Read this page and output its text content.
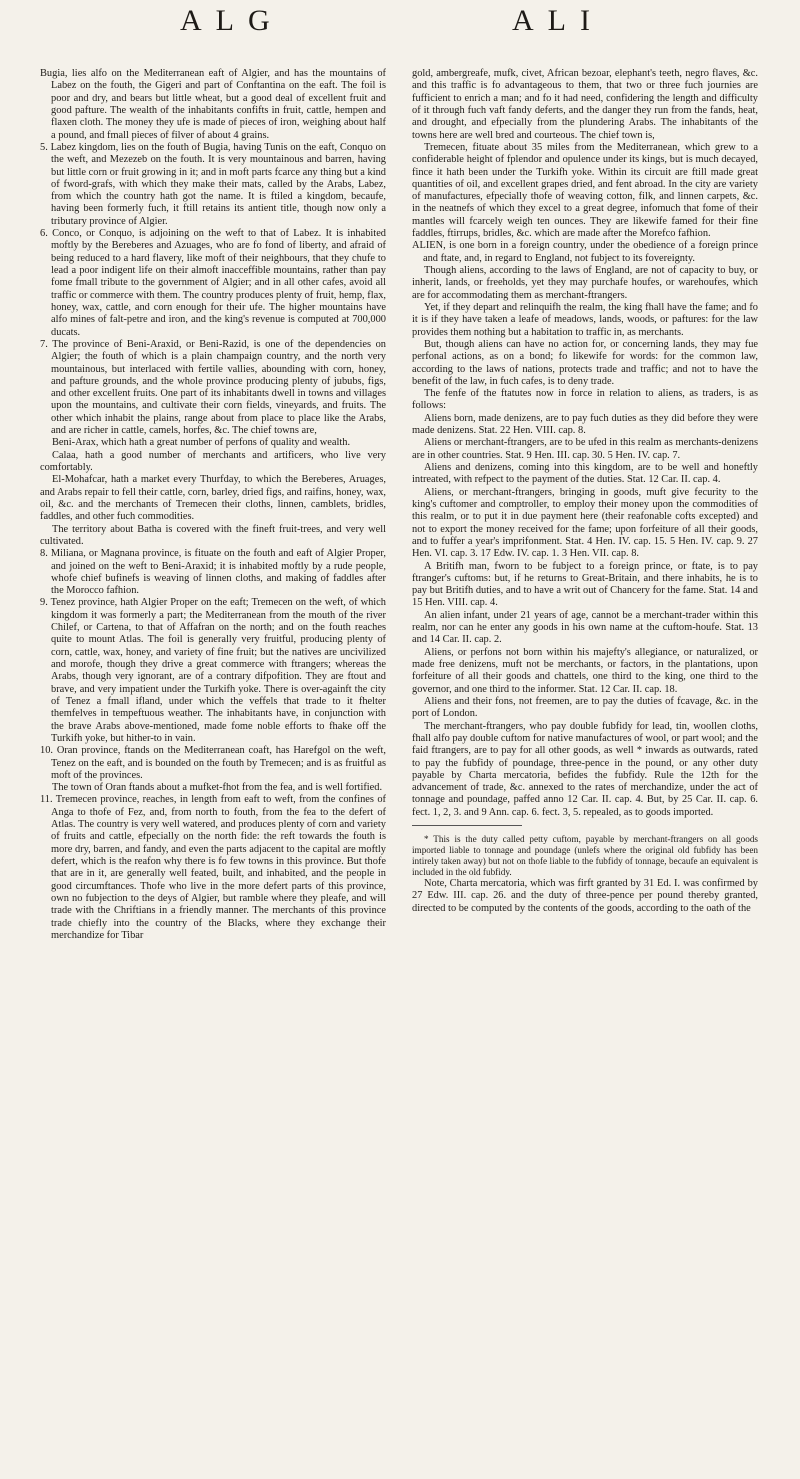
ALG	ALI

Bugia, lies alfo on the Mediterranean eaft of Algier, and has the mountains of Labez on the fouth, the Gigeri and part of Conftantina on the eaft. The foil is poor and dry, and bears but little wheat, but a good deal of excellent fruit and good pafture. The wealth of the inhabitants confifts in fruit, cattle, hempen and flaxen cloth. The money they ufe is made of pieces of iron, weighing about half a pound, and fmall pieces of filver of about 4 grains.

5. Labez kingdom, lies on the fouth of Bugia, having Tunis on the eaft, Conquo on the weft, and Mezezeb on the fouth. It is very mountainous and barren, having but little corn or fruit growing in it; and in moft parts fcarce any thing but a kind of fword-grafs, with which they make their mats, called by the Arabs, Labez, from which the country hath got the name. It is ftiled a kingdom, becaufe, having been formerly fuch, it ftill retains its antient title, though now only a tributary province of Algier.

6. Conco, or Conquo, is adjoining on the weft to that of Labez. It is inhabited moftly by the Bereberes and Azuages, who are fo fond of liberty, and afraid of being reduced to a hard flavery, like moft of their neighbours, that they chufe to lead a poor indigent life on their almoft inacceffible mountains, rather than pay fome fmall tribute to the government of Algier; and in all other cafes, avoid all traffic or commerce with them. The country produces plenty of fruit, hemp, flax, honey, wax, cattle, and corn enough for their ufe. The higher mountains have alfo mines of falt-petre and iron, and the king's revenue is computed at 700,000 ducats.

7. The province of Beni-Araxid, or Beni-Razid, is one of the dependencies on Algier; the fouth of which is a plain champaign country, and the north very mountainous, but interlaced with fertile vallies, abounding with corn, honey, and pafture grounds, and the whole province producing plenty of jububs, figs, and other excellent fruits. One part of its inhabitants dwell in towns and villages upon the mountains, and cultivate their corn fields, vineyards, and fruits. The other which inhabit the plains, range about from place to place like the Arabs, and are richer in cattle, camels, horfes, &c. The chief towns are,

Beni-Arax, which hath a great number of perfons of quality and wealth.

Calaa, hath a good number of merchants and artificers, who live very comfortably.

El-Mohafcar, hath a market every Thurfday, to which the Bereberes, Aruages, and Arabs repair to fell their cattle, corn, barley, dried figs, and raifins, honey, wax, oil, &c. and the merchants of Tremecen their cloths, linnen, camblets, bridles, faddles, and other fuch commodities.

The territory about Batha is covered with the fineft fruit-trees, and very well cultivated.

8. Miliana, or Magnana province, is fituate on the fouth and eaft of Algier Proper, and joined on the weft to Beni-Araxid; it is inhabited moftly by a rude people, whofe chief bufinefs is weaving of linnen cloths, and making of faddles after the Morocco fafhion.

9. Tenez province, hath Algier Proper on the eaft; Tremecen on the weft, of which kingdom it was formerly a part; the Mediterranean from the mouth of the river Chilef, or Cartena, to that of Affafran on the north; and on the fouth reaches quite to mount Atlas. The foil is generally very fruitful, producing plenty of corn, cattle, wax, honey, and variety of fine fruit; but the natives are uncivilized and morofe, though they drive a great commerce with ftrangers; whereas the Arabs, though very ignorant, are of a contrary difpofition. They are ftout and brave, and very impatient under the Turkifh yoke. There is over-againft the city of Tenez a fmall ifland, under which the veffels that trade to it fhelter themfelves in tempeftuous weather. The inhabitants have, in conjunction with the brave Arabs above-mentioned, made fome noble efforts to fhake off the Turkifh yoke, but hither-to in vain.

10. Oran province, ftands on the Mediterranean coaft, has Harefgol on the weft, Tenez on the eaft, and is bounded on the fouth by Tremecen; and is as fruitful as moft of the provinces.

The town of Oran ftands about a mufket-fhot from the fea, and is well fortified.

11. Tremecen province, reaches, in length from eaft to weft, from the confines of Anga to thofe of Fez, and, from north to fouth, from the fea to the defert of Atlas. The country is very well watered, and produces plenty of corn and variety of fruits and cattle, efpecially on the north fide: the reft towards the fouth is more dry, barren, and fandy, and even the parts adjacent to the capital are moftly defert, which is the reafon why there is fo few towns in this province. But thofe that are in it, are generally well feated, built, and inhabited, and the people in good circumftances. Thofe who live in the more defert parts of this province, own no fubjection to the deys of Algier, but ramble where they pleafe, and will trade with the Chriftians in a friendly manner. The merchants of this province trade chiefly into the country of the Blacks, where they exchange their merchandize for Tibar

gold, ambergreafe, mufk, civet, African bezoar, elephant's teeth, negro flaves, &c. and this traffic is fo advantageous to them, that two or three fuch journies are fufficient to enrich a man; and fo it had need, confidering the length and difficulty of it through fuch vaft fandy deferts, and the danger they run from the fands, heat, and drought, and efpecially from the plundering Arabs. The inhabitants of the towns here are well bred and courteous. The chief town is,

Tremecen, fituate about 35 miles from the Mediterranean, which grew to a confiderable height of fplendor and opulence under its kings, but is much decayed, fince it hath been under the Turkifh yoke. Within its circuit are ftill made great quantities of oil, and excellent grapes dried, and fent abroad. In the city are variety of manufactures, efpecially thofe of weaving cotton, filk, and linnen carpets, &c. in the neatnefs of which they excel to a great degree, infomuch that fome of their mantles will fcarcely weigh ten ounces. They are likewife famed for their fine faddles, ftirrups, bridles, &c. which are made after the Morefco fafhion.

ALIEN, is one born in a foreign country, under the obedience of a foreign prince and ftate, and, in regard to England, not fubject to its fovereignty.

Though aliens, according to the laws of England, are not of capacity to buy, or inherit, lands, or freeholds, yet they may purchafe houfes, or warehoufes, which are for accommodating them as merchant-ftrangers.

Yet, if they depart and relinquifh the realm, the king fhall have the fame; and fo it is if they have taken a leafe of meadows, lands, woods, or paftures: for the law provides them nothing but a habitation to traffic in, as merchants.

But, though aliens can have no action for, or concerning lands, they may fue perfonal actions, as on a bond; fo likewife for words: for the common law, according to the laws of nations, protects trade and traffic; and not to have the benefit of the law, in fuch cafes, is to deny trade.

The fenfe of the ftatutes now in force in relation to aliens, as traders, is as follows:

Aliens born, made denizens, are to pay fuch duties as they did before they were made denizens. Stat. 22 Hen. VIII. cap. 8.

Aliens or merchant-ftrangers, are to be ufed in this realm as merchants-denizens are in other countries. Stat. 9 Hen. III. cap. 30. 5 Hen. IV. cap. 7.

Aliens and denizens, coming into this kingdom, are to be well and honeftly intreated, with refpect to the payment of the duties. Stat. 12 Car. II. cap. 4.

Aliens, or merchant-ftrangers, bringing in goods, muft give fecurity to the king's cuftomer and comptroller, to employ their money upon the commodities of this realm, or to put it in due payment here (their reafonable cofts excepted) and not to export the money received for the fame; upon forfeiture of all their goods, and to fuffer a year's imprifonment. Stat. 4 Hen. IV. cap. 15. 5 Hen. IV. cap. 9. 27 Hen. VI. cap. 3. 17 Edw. IV. cap. 1. 3 Hen. VII. cap. 8.

A Britifh man, fworn to be fubject to a foreign prince, or ftate, is to pay ftranger's cuftoms: but, if he returns to Great-Britain, and there inhabits, he is to pay but Britifh duties, and to have a writ out of Chancery for the fame. Stat. 14 and 15 Hen. VIII. cap. 4.

An alien infant, under 21 years of age, cannot be a merchant-trader within this realm, nor can he enter any goods in his own name at the cuftom-houfe. Stat. 13 and 14 Car. II. cap. 2.

Aliens, or perfons not born within his majefty's allegiance, or naturalized, or made free denizens, muft not be merchants, or factors, in the plantations, upon forfeiture of all their goods and chattels, one third to the king, one third to the governor, and one third to the informer. Stat. 12 Car. II. cap. 18.

Aliens and their fons, not freemen, are to pay the duties of fcavage, &c. in the port of London.

The merchant-ftrangers, who pay double fubfidy for lead, tin, woollen cloths, fhall alfo pay double cuftom for native manufactures of wool, or part wool; and the faid ftrangers, are to pay for all other goods, as well * inwards as outwards, rated to pay the fubfidy of poundage, three-pence in the pound, or any other duty payable by Charta mercatoria, befides the fubfidy. Rule the 12th for the advancement of trade, &c. annexed to the rates of merchandize, under the act of tonnage and poundage, paffed anno 12 Car. II. cap. 4. But, by 25 Car. II. cap. 6. fect. 1, 2, 3. and 9 Ann. cap. 6. fect. 3, 5. repealed, as to goods imported.

* This is the duty called petty cuftom, payable by merchant-ftrangers on all goods imported liable to tonnage and poundage (unlefs where the original old fubfidy has been intirely taken away) but not on thofe liable to the fubfidy of tonnage, becaufe an equivalent is included in the old fubfidy.

Note, Charta mercatoria, which was firft granted by 31 Ed. I. was confirmed by 27 Edw. III. cap. 26. and the duty of three-pence per pound thereby granted, directed to be computed by the contents of the goods, according to the oath of the
